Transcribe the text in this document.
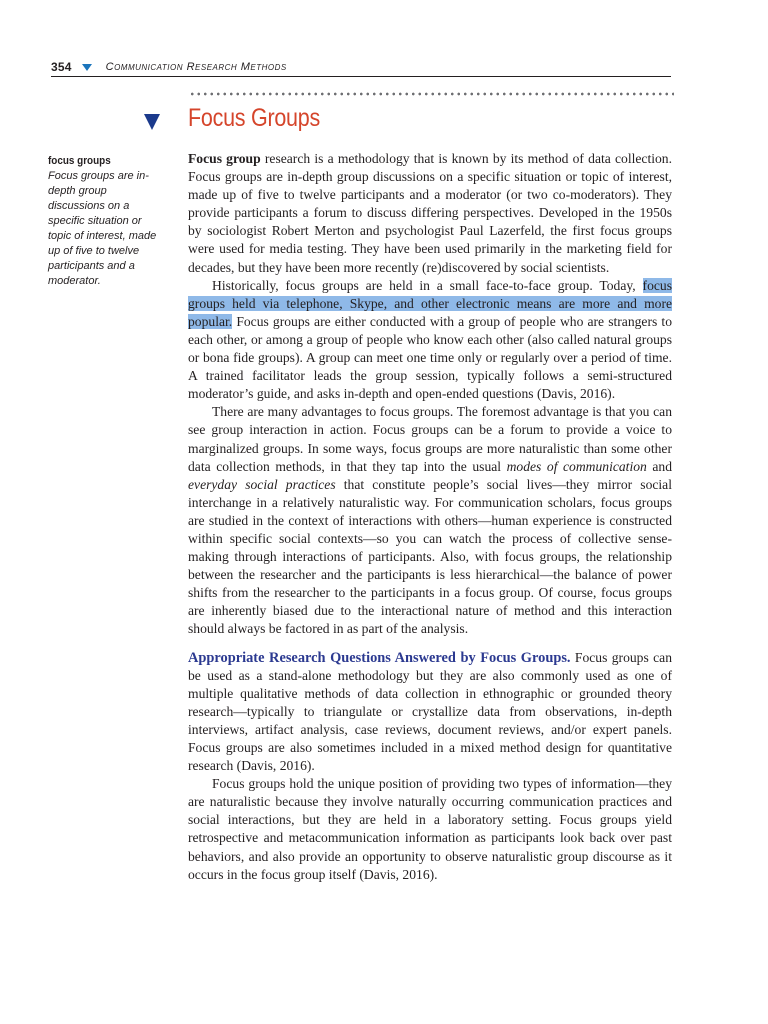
354	Communication Research Methods
Focus Groups
focus groups
Focus groups are in-depth group discussions on a specific situation or topic of interest, made up of five to twelve participants and a moderator.

Focus group research is a methodology that is known by its method of data collection. Focus groups are in-depth group discussions on a specific situation or topic of interest, made up of five to twelve participants and a moderator (or two co-moderators). They provide participants a forum to discuss differing perspectives. Developed in the 1950s by sociologist Robert Merton and psychologist Paul Lazerfeld, the first focus groups were used for media testing. They have been used primarily in the marketing field for decades, but they have been more recently (re)discovered by social scientists.

Historically, focus groups are held in a small face-to-face group. Today, focus groups held via telephone, Skype, and other electronic means are more and more popular. Focus groups are either conducted with a group of people who are strangers to each other, or among a group of people who know each other (also called natural groups or bona fide groups). A group can meet one time only or regularly over a period of time. A trained facilitator leads the group session, typically follows a semi-structured moderator’s guide, and asks in-depth and open-ended questions (Davis, 2016).

There are many advantages to focus groups. The foremost advantage is that you can see group interaction in action. Focus groups can be a forum to provide a voice to marginalized groups. In some ways, focus groups are more naturalistic than some other data collection methods, in that they tap into the usual modes of communication and everyday social practices that constitute people’s social lives—they mirror social interchange in a relatively naturalistic way. For communication scholars, focus groups are studied in the context of interactions with others—human experience is constructed within specific social contexts—so you can watch the process of collective sense-making through interactions of participants. Also, with focus groups, the relationship between the researcher and the participants is less hierarchical—the balance of power shifts from the researcher to the participants in a focus group. Of course, focus groups are inherently biased due to the interactional nature of method and this interaction should always be factored in as part of the analysis.

Appropriate Research Questions Answered by Focus Groups. Focus groups can be used as a stand-alone methodology but they are also commonly used as one of multiple qualitative methods of data collection in ethnographic or grounded theory research—typically to triangulate or crystallize data from observations, in-depth interviews, artifact analysis, case reviews, document reviews, and/or expert panels. Focus groups are also sometimes included in a mixed method design for quantitative research (Davis, 2016).

Focus groups hold the unique position of providing two types of information—they are naturalistic because they involve naturally occurring communication practices and social interactions, but they are held in a laboratory setting. Focus groups yield retrospective and metacommunication information as participants look back over past behaviors, and also provide an opportunity to observe naturalistic group discourse as it occurs in the focus group itself (Davis, 2016).
